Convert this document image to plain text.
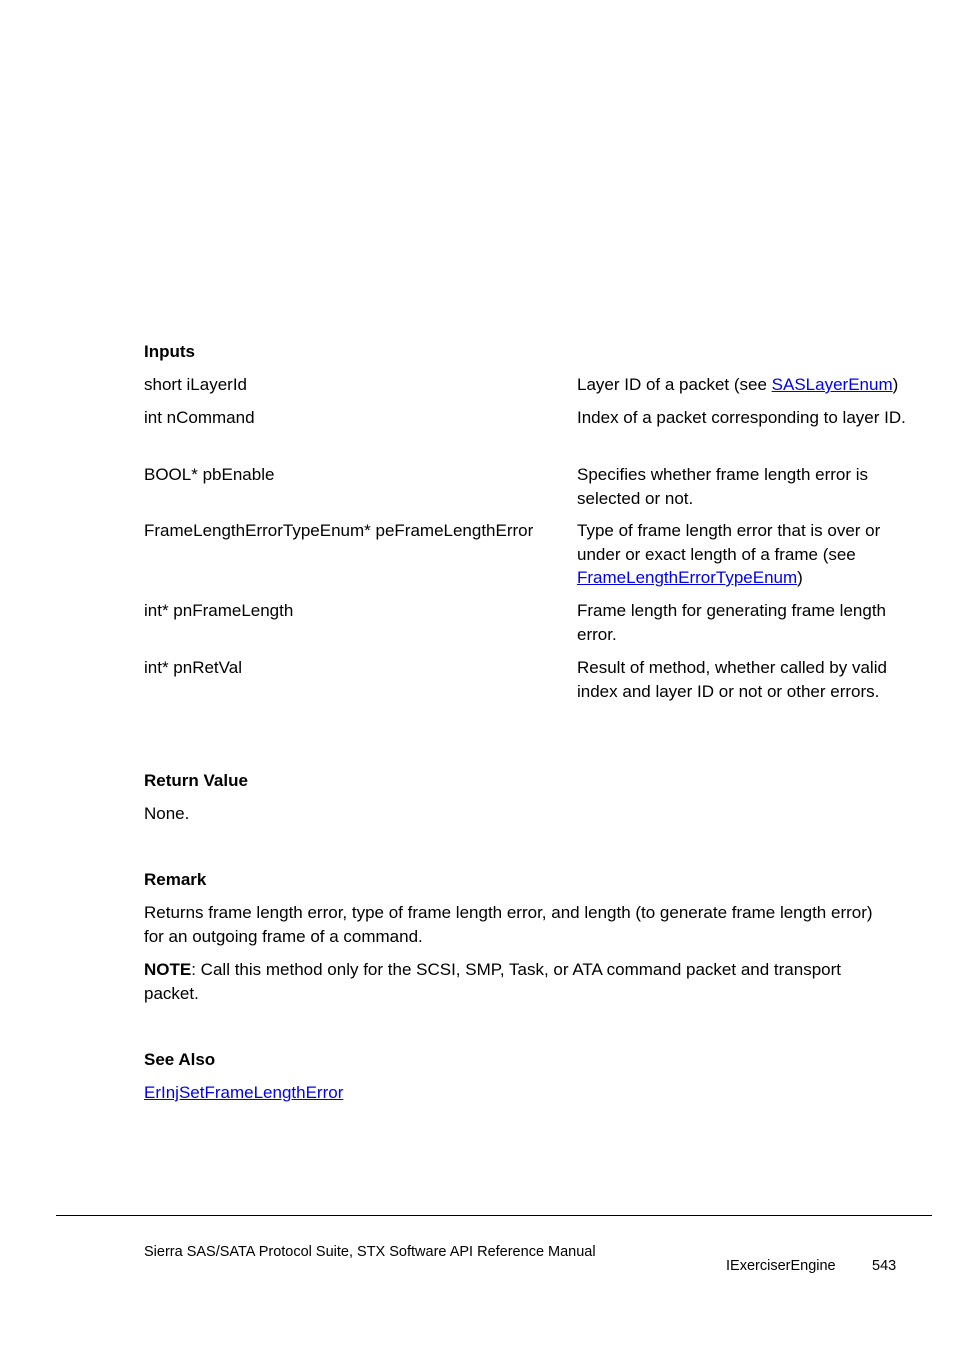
Inputs
short iLayerId	Layer ID of a packet (see SASLayerEnum)
int nCommand	Index of a packet corresponding to layer ID.
BOOL* pbEnable	Specifies whether frame length error is selected or not.
FrameLengthErrorTypeEnum* peFrameLengthError	Type of frame length error that is over or under or exact length of a frame (see FrameLengthErrorTypeEnum)
int* pnFrameLength	Frame length for generating frame length error.
int* pnRetVal	Result of method, whether called by valid index and layer ID or not or other errors.
Return Value
None.
Remark
Returns frame length error, type of frame length error, and length (to generate frame length error) for an outgoing frame of a command.
NOTE: Call this method only for the SCSI, SMP, Task, or ATA command packet and transport packet.
See Also
ErInjSetFrameLengthError
Sierra SAS/SATA Protocol Suite, STX Software API Reference Manual
IExerciserEngine	543
